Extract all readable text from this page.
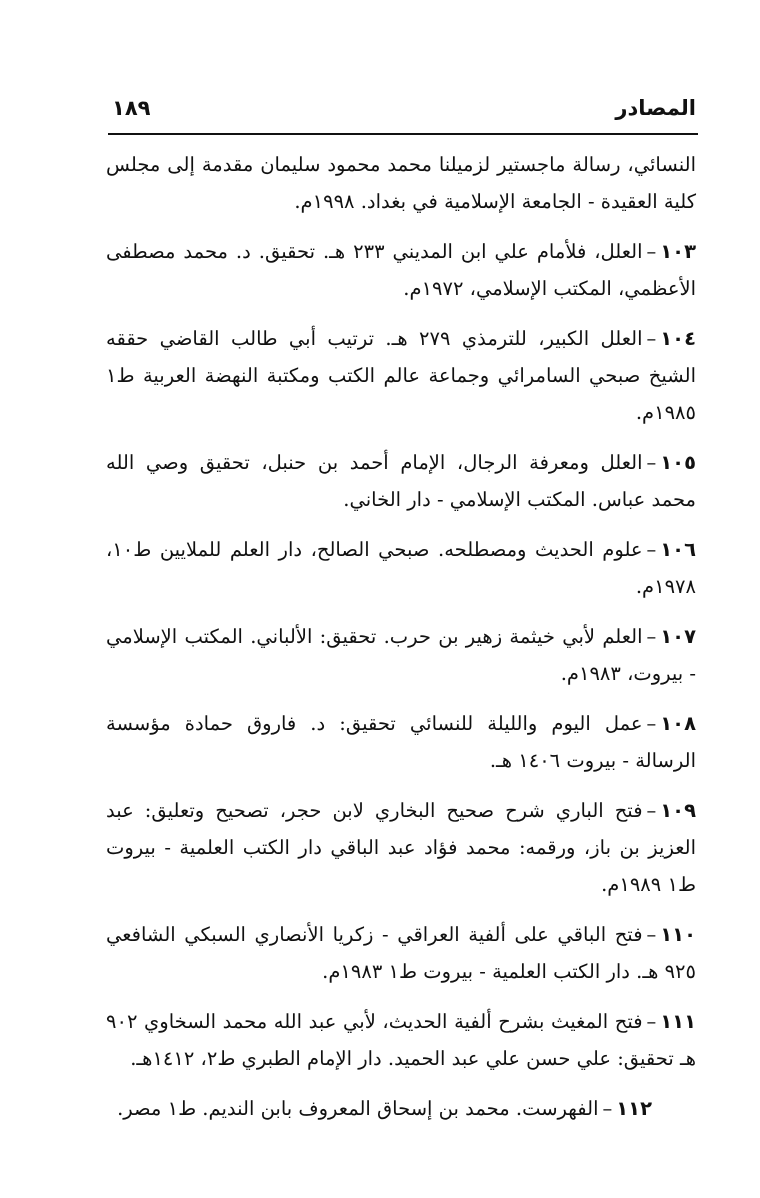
المصادر
١٨٩

النسائي، رسالة ماجستير لزميلنا محمد محمود سليمان مقدمة إلى مجلس كلية العقيدة - الجامعة الإسلامية في بغداد. ١٩٩٨م.

١٠٣–العلل، فلأمام علي ابن المديني ٢٣٣ هـ. تحقيق. د. محمد مصطفى الأعظمي، المكتب الإسلامي، ١٩٧٢م.

١٠٤–العلل الكبير، للترمذي ٢٧٩ هـ. ترتيب أبي طالب القاضي حققه الشيخ صبحي السامرائي وجماعة عالم الكتب ومكتبة النهضة العربية ط١ ١٩٨٥م.

١٠٥–العلل ومعرفة الرجال، الإمام أحمد بن حنبل، تحقيق وصي الله محمد عباس. المكتب الإسلامي - دار الخاني.

١٠٦–علوم الحديث ومصطلحه. صبحي الصالح، دار العلم للملايين ط١٠، ١٩٧٨م.

١٠٧–العلم لأبي خيثمة زهير بن حرب. تحقيق: الألباني. المكتب الإسلامي - بيروت، ١٩٨٣م.

١٠٨–عمل اليوم والليلة للنسائي تحقيق: د. فاروق حمادة مؤسسة الرسالة - بيروت ١٤٠٦ هـ.

١٠٩–فتح الباري شرح صحيح البخاري لابن حجر، تصحيح وتعليق: عبد العزيز بن باز، ورقمه: محمد فؤاد عبد الباقي دار الكتب العلمية - بيروت ط١ ١٩٨٩م.

١١٠–فتح الباقي على ألفية العراقي - زكريا الأنصاري السبكي الشافعي ٩٢٥ هـ. دار الكتب العلمية - بيروت ط١ ١٩٨٣م.

١١١–فتح المغيث بشرح ألفية الحديث، لأبي عبد الله محمد السخاوي ٩٠٢ هـ تحقيق: علي حسن علي عبد الحميد. دار الإمام الطبري ط٢، ١٤١٢هـ.

١١٢–الفهرست. محمد بن إسحاق المعروف بابن النديم. ط١ مصر.
